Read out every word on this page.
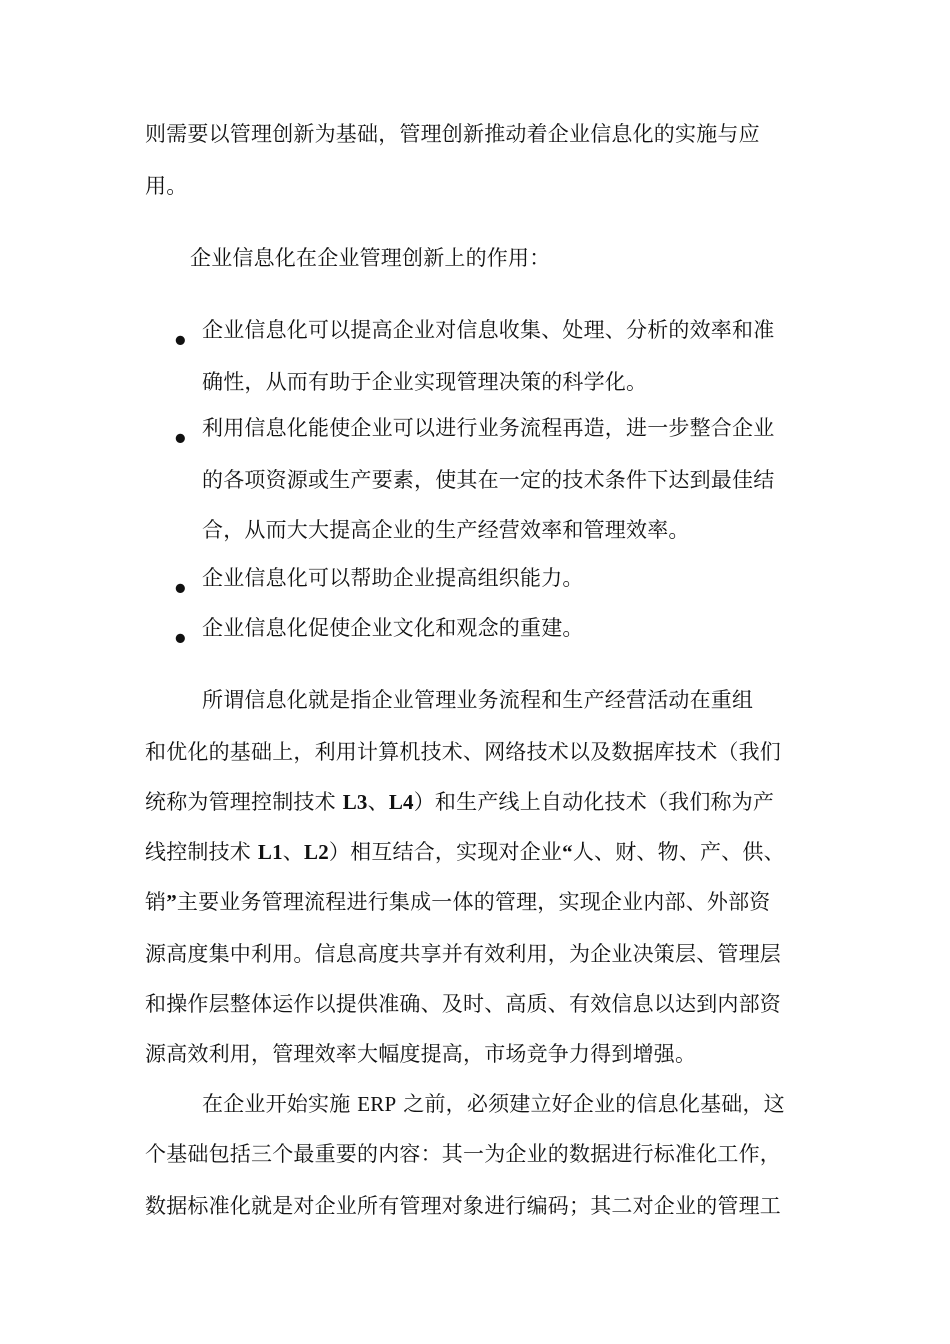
则需要以管理创新为基础，管理创新推动着企业信息化的实施与应
用。
企业信息化在企业管理创新上的作用：
• 企业信息化可以提高企业对信息收集、处理、分析的效率和准
确性，从而有助于企业实现管理决策的科学化。
• 利用信息化能使企业可以进行业务流程再造，进一步整合企业
的各项资源或生产要素，使其在一定的技术条件下达到最佳结
合，从而大大提高企业的生产经营效率和管理效率。
• 企业信息化可以帮助企业提高组织能力。
• 企业信息化促使企业文化和观念的重建。
所谓信息化就是指企业管理业务流程和生产经营活动在重组
和优化的基础上，利用计算机技术、网络技术以及数据库技术（我们
统称为管理控制技术 L3、L4）和生产线上自动化技术（我们称为产
线控制技术 L1、L2）相互结合，实现对企业“人、财、物、产、供、
销”主要业务管理流程进行集成一体的管理，实现企业内部、外部资
源高度集中利用。信息高度共享并有效利用，为企业决策层、管理层
和操作层整体运作以提供准确、及时、高质、有效信息以达到内部资
源高效利用，管理效率大幅度提高，市场竞争力得到增强。
在企业开始实施 ERP 之前，必须建立好企业的信息化基础，这
个基础包括三个最重要的内容：其一为企业的数据进行标准化工作，
数据标准化就是对企业所有管理对象进行编码；其二对企业的管理工
